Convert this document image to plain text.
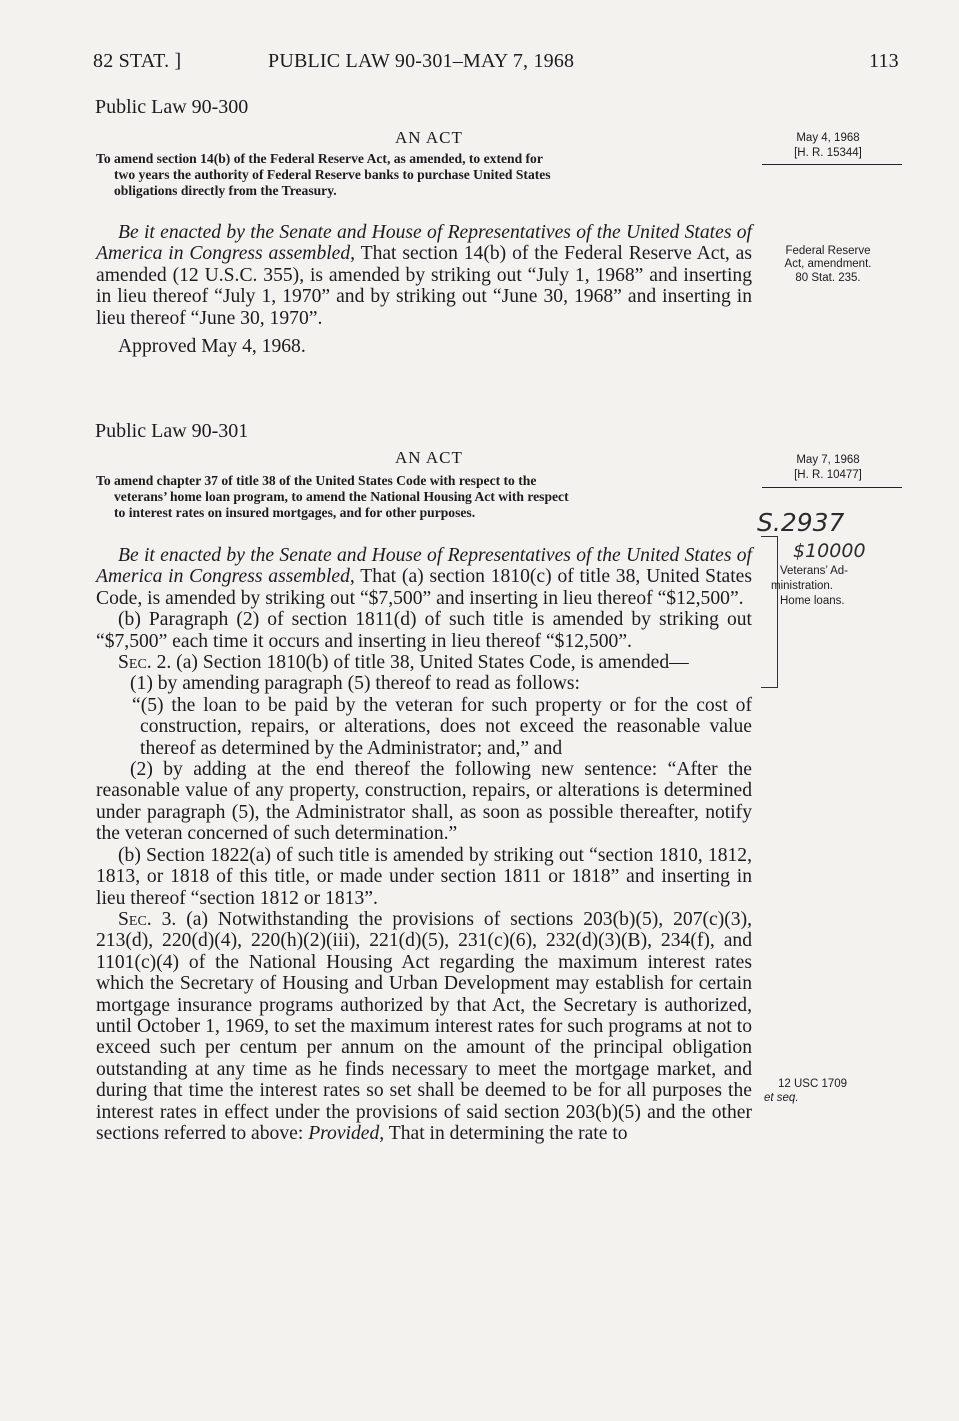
82 STAT. ]	PUBLIC LAW 90-301–MAY 7, 1968	113
Public Law 90-300
AN ACT
To amend section 14(b) of the Federal Reserve Act, as amended, to extend for
two years the authority of Federal Reserve banks to purchase United States
obligations directly from the Treasury.
May 4, 1968
[H. R. 15344]

Be it enacted by the Senate and House of Representatives of the United States of America in Congress assembled, That section 14(b) of the Federal Reserve Act, as amended (12 U.S.C. 355), is amended by striking out “July 1, 1968” and inserting in lieu thereof “July 1, 1970” and by striking out “June 30, 1968” and inserting in lieu thereof “June 30, 1970”.

Approved May 4, 1968.

Federal Reserve
Act, amendment.
80 Stat. 235.
Public Law 90-301
AN ACT
To amend chapter 37 of title 38 of the United States Code with respect to the
veterans’ home loan program, to amend the National Housing Act with respect
to interest rates on insured mortgages, and for other purposes.
May 7, 1968
[H. R. 10477]
S.2937
$10000
Veterans’ Ad-
ministration.
Home loans.
12 USC 1709
et seq.

Be it enacted by the Senate and House of Representatives of the United States of America in Congress assembled, That (a) section 1810(c) of title 38, United States Code, is amended by striking out “$7,500” and inserting in lieu thereof “$12,500”.

(b) Paragraph (2) of section 1811(d) of such title is amended by striking out “$7,500” each time it occurs and inserting in lieu thereof “$12,500”.

Sec. 2. (a) Section 1810(b) of title 38, United States Code, is amended—

(1) by amending paragraph (5) thereof to read as follows:

“(5) the loan to be paid by the veteran for such property or for the cost of construction, repairs, or alterations, does not exceed the reasonable value thereof as determined by the Administrator; and,” and

(2) by adding at the end thereof the following new sentence: “After the reasonable value of any property, construction, repairs, or alterations is determined under paragraph (5), the Administrator shall, as soon as possible thereafter, notify the veteran concerned of such determination.”

(b) Section 1822(a) of such title is amended by striking out “section 1810, 1812, 1813, or 1818 of this title, or made under section 1811 or 1818” and inserting in lieu thereof “section 1812 or 1813”.

Sec. 3. (a) Notwithstanding the provisions of sections 203(b)(5), 207(c)(3), 213(d), 220(d)(4), 220(h)(2)(iii), 221(d)(5), 231(c)(6), 232(d)(3)(B), 234(f), and 1101(c)(4) of the National Housing Act regarding the maximum interest rates which the Secretary of Housing and Urban Development may establish for certain mortgage insurance programs authorized by that Act, the Secretary is authorized, until October 1, 1969, to set the maximum interest rates for such programs at not to exceed such per centum per annum on the amount of the principal obligation outstanding at any time as he finds necessary to meet the mortgage market, and during that time the interest rates so set shall be deemed to be for all purposes the interest rates in effect under the provisions of said section 203(b)(5) and the other sections referred to above: Provided, That in determining the rate to
